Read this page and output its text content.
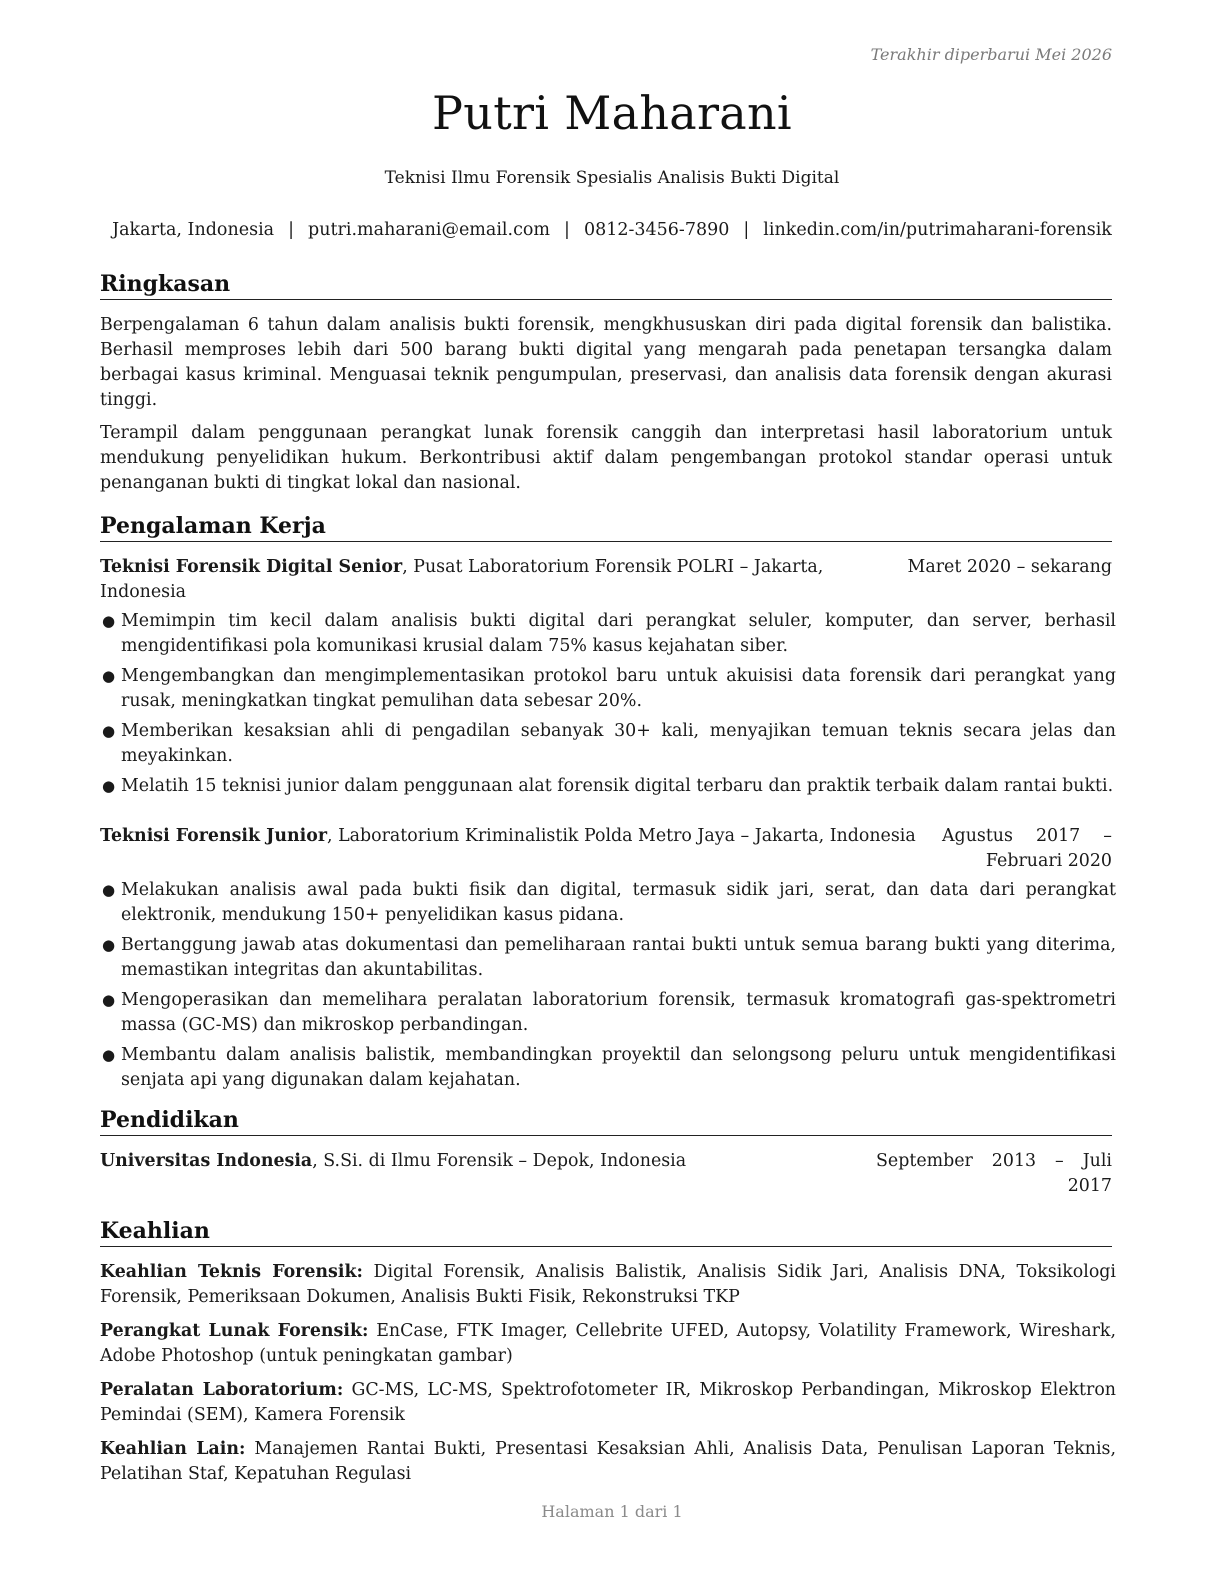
Terakhir diperbarui Mei 2026
Putri Maharani
Teknisi Ilmu Forensik Spesialis Analisis Bukti Digital
Jakarta, Indonesia | putri.maharani@email.com | 0812-3456-7890 | linkedin.com/in/putrimaharani-forensik
Ringkasan

Berpengalaman 6 tahun dalam analisis bukti forensik, mengkhususkan diri pada digital forensik dan balistika. Berhasil memproses lebih dari 500 barang bukti digital yang mengarah pada penetapan tersangka dalam berbagai kasus kriminal. Menguasai teknik pengumpulan, preservasi, dan analisis data forensik dengan akurasi tinggi.

Terampil dalam penggunaan perangkat lunak forensik canggih dan interpretasi hasil laboratorium untuk mendukung penyelidikan hukum. Berkontribusi aktif dalam pengembangan protokol standar operasi untuk penanganan bukti di tingkat lokal dan nasional.

Pengalaman Kerja
Teknisi Forensik Digital Senior, Pusat Laboratorium Forensik POLRI – Jakarta, Indonesia
Maret 2020 – sekarang
● Memimpin tim kecil dalam analisis bukti digital dari perangkat seluler, komputer, dan server, berhasil mengidentifikasi pola komunikasi krusial dalam 75% kasus kejahatan siber.
● Mengembangkan dan mengimplementasikan protokol baru untuk akuisisi data forensik dari perangkat yang rusak, meningkatkan tingkat pemulihan data sebesar 20%.
● Memberikan kesaksian ahli di pengadilan sebanyak 30+ kali, menyajikan temuan teknis secara jelas dan meyakinkan.
● Melatih 15 teknisi junior dalam penggunaan alat forensik digital terbaru dan praktik terbaik dalam rantai bukti.
Teknisi Forensik Junior, Laboratorium Kriminalistik Polda Metro Jaya – Jakarta, Indonesia Agustus 2017 – Februari 2020
● Melakukan analisis awal pada bukti fisik dan digital, termasuk sidik jari, serat, dan data dari perangkat elektronik, mendukung 150+ penyelidikan kasus pidana.
● Bertanggung jawab atas dokumentasi dan pemeliharaan rantai bukti untuk semua barang bukti yang diterima, memastikan integritas dan akuntabilitas.
● Mengoperasikan dan memelihara peralatan laboratorium forensik, termasuk kromatografi gas-spektrometri massa (GC-MS) dan mikroskop perbandingan.
● Membantu dalam analisis balistik, membandingkan proyektil dan selongsong peluru untuk mengidentifikasi senjata api yang digunakan dalam kejahatan.
Pendidikan
Universitas Indonesia, S.Si. di Ilmu Forensik – Depok, Indonesia	September 2013 – Juli 2017
Keahlian

Keahlian Teknis Forensik: Digital Forensik, Analisis Balistik, Analisis Sidik Jari, Analisis DNA, Toksikologi Forensik, Pemeriksaan Dokumen, Analisis Bukti Fisik, Rekonstruksi TKP

Perangkat Lunak Forensik: EnCase, FTK Imager, Cellebrite UFED, Autopsy, Volatility Framework, Wireshark, Adobe Photoshop (untuk peningkatan gambar)

Peralatan Laboratorium: GC-MS, LC-MS, Spektrofotometer IR, Mikroskop Perbandingan, Mikroskop Elektron Pemindai (SEM), Kamera Forensik

Keahlian Lain: Manajemen Rantai Bukti, Presentasi Kesaksian Ahli, Analisis Data, Penulisan Laporan Teknis, Pelatihan Staf, Kepatuhan Regulasi

Halaman 1 dari 1
